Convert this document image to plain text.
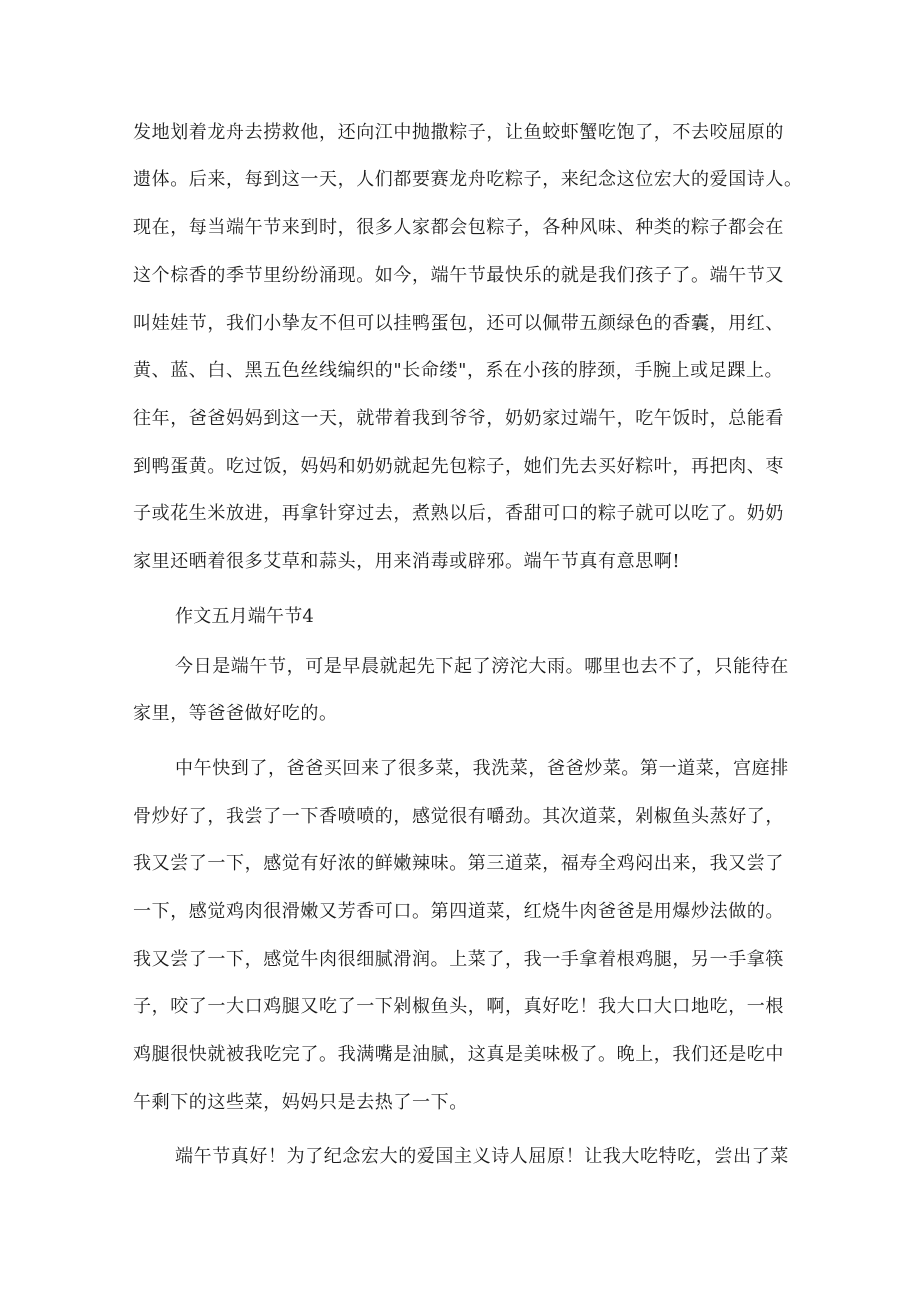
发地划着龙舟去捞救他，还向江中抛撒粽子，让鱼蛟虾蟹吃饱了，不去咬屈原的
遗体。后来，每到这一天，人们都要赛龙舟吃粽子，来纪念这位宏大的爱国诗人。
现在，每当端午节来到时，很多人家都会包粽子，各种风味、种类的粽子都会在
这个棕香的季节里纷纷涌现。如今，端午节最快乐的就是我们孩子了。端午节又
叫娃娃节，我们小挚友不但可以挂鸭蛋包，还可以佩带五颜绿色的香囊，用红、
黄、蓝、白、黑五色丝线编织的"长命缕"，系在小孩的脖颈，手腕上或足踝上。
往年，爸爸妈妈到这一天，就带着我到爷爷，奶奶家过端午，吃午饭时，总能看
到鸭蛋黄。吃过饭，妈妈和奶奶就起先包粽子，她们先去买好粽叶，再把肉、枣
子或花生米放进，再拿针穿过去，煮熟以后，香甜可口的粽子就可以吃了。奶奶
家里还晒着很多艾草和蒜头，用来消毒或辟邪。端午节真有意思啊!
作文五月端午节4
今日是端午节，可是早晨就起先下起了滂沱大雨。哪里也去不了，只能待在
家里，等爸爸做好吃的。
中午快到了，爸爸买回来了很多菜，我洗菜，爸爸炒菜。第一道菜，宫庭排
骨炒好了，我尝了一下香喷喷的，感觉很有嚼劲。其次道菜，剁椒鱼头蒸好了，
我又尝了一下，感觉有好浓的鲜嫩辣味。第三道菜，福寿全鸡闷出来，我又尝了
一下，感觉鸡肉很滑嫩又芳香可口。第四道菜，红烧牛肉爸爸是用爆炒法做的。
我又尝了一下，感觉牛肉很细腻滑润。上菜了，我一手拿着根鸡腿，另一手拿筷
子，咬了一大口鸡腿又吃了一下剁椒鱼头，啊，真好吃！我大口大口地吃，一根
鸡腿很快就被我吃完了。我满嘴是油腻，这真是美味极了。晚上，我们还是吃中
午剩下的这些菜，妈妈只是去热了一下。
端午节真好！为了纪念宏大的爱国主义诗人屈原！让我大吃特吃，尝出了菜
